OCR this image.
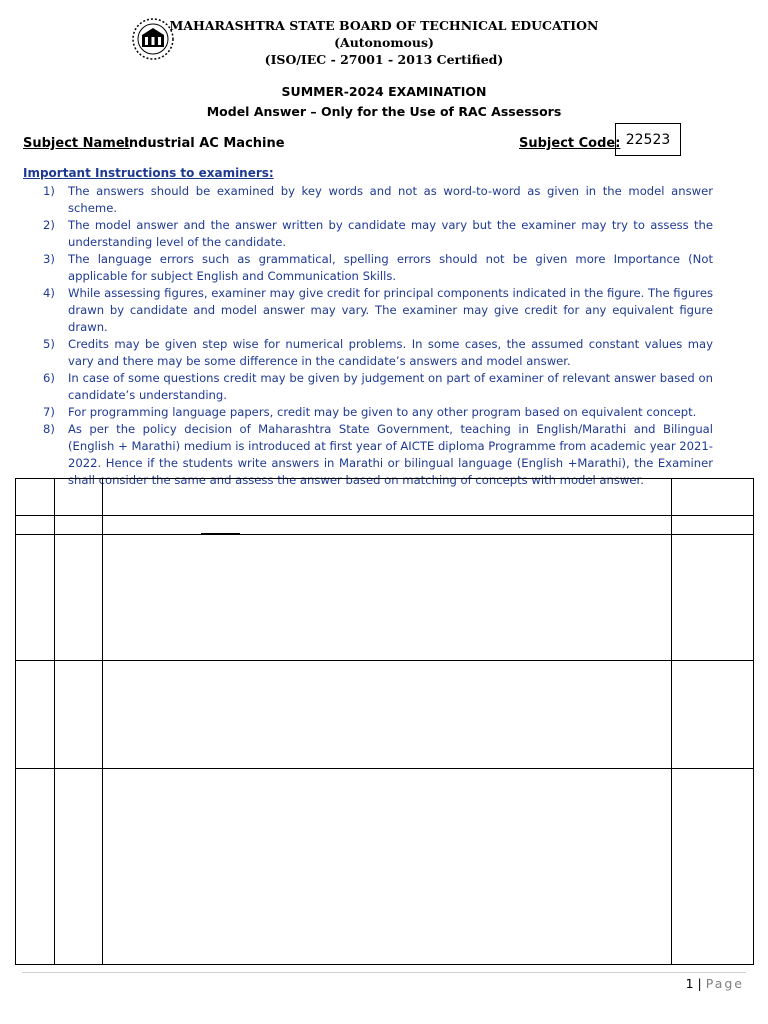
MAHARASHTRA STATE BOARD OF TECHNICAL EDUCATION
(Autonomous)
(ISO/IEC - 27001 - 2013 Certified)
SUMMER-2024 EXAMINATION
Model Answer – Only for the Use of RAC Assessors
Subject Name:
Industrial AC Machine	Subject Code: 22523
Important Instructions to examiners:
1) The answers should be examined by key words and not as word-to-word as given in the model answer scheme.
2) The model answer and the answer written by candidate may vary but the examiner may try to assess the understanding level of the candidate.
3) The language errors such as grammatical, spelling errors should not be given more Importance (Not applicable for subject English and Communication Skills.
4) While assessing figures, examiner may give credit for principal components indicated in the figure. The figures drawn by candidate and model answer may vary. The examiner may give credit for any equivalent figure drawn.
5) Credits may be given step wise for numerical problems. In some cases, the assumed constant values may vary and there may be some difference in the candidate’s answers and model answer.
6) In case of some questions credit may be given by judgement on part of examiner of relevant answer based on candidate’s understanding.
7) For programming language papers, credit may be given to any other program based on equivalent concept.
8) As per the policy decision of Maharashtra State Government, teaching in English/Marathi and Bilingual (English + Marathi) medium is introduced at first year of AICTE diploma Programme from academic year 2021-2022. Hence if the students write answers in Marathi or bilingual language (English +Marathi), the Examiner shall consider the same and assess the answer based on matching of concepts with model answer.

1 | Page
